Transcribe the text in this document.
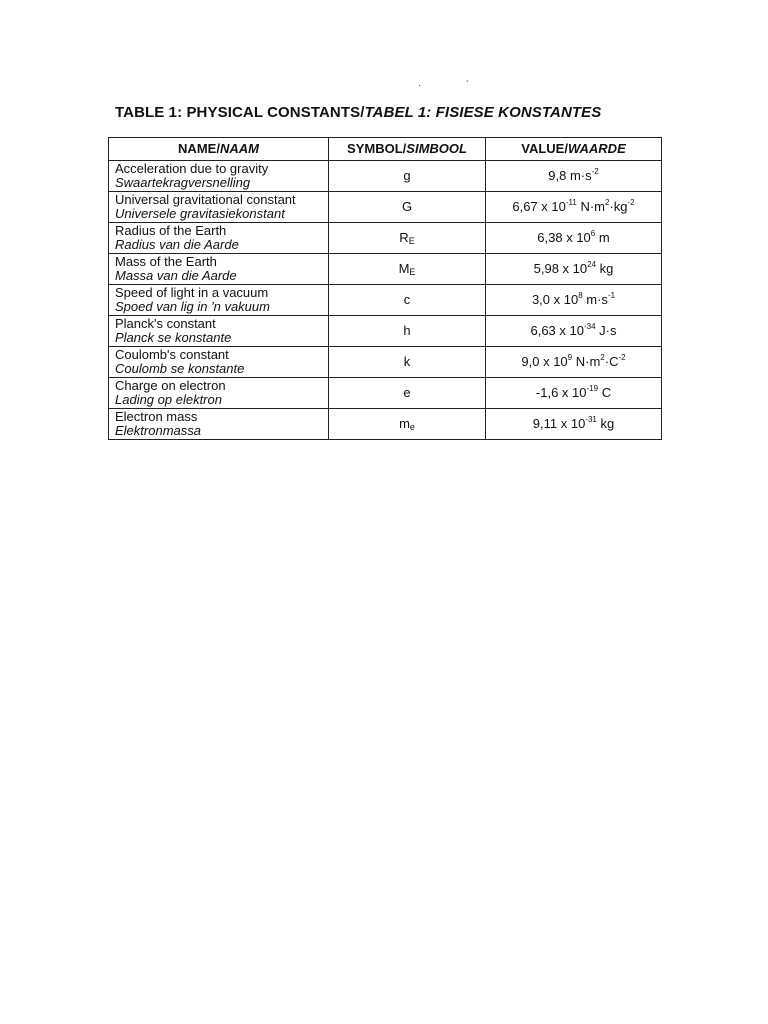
·	´
TABLE 1: PHYSICAL CONSTANTS/TABEL 1: FISIESE KONSTANTES
NAME/NAAM	SYMBOL/SIMBOOL	VALUE/WAARDE

Acceleration due to gravity
Swaartekragversnelling	g	9,8 $m\cdot s^{-2}$

Universal gravitational constant
Universele gravitasiekonstant	G	6,67 x $10^{-11}$ $N\cdot m^2\cdot kg^{-2}$

Radius of the Earth
Radius van die Aarde	$R_E$	6,38 x $10^6$ m

Mass of the Earth
Massa van die Aarde	$M_E$	5,98 x $10^{24}$ kg

Speed of light in a vacuum
Spoed van lig in 'n vakuum	c	3,0 x $10^8$ $m\cdot s^{-1}$

Planck's constant
Planck se konstante	h	6,63 x $10^{-34}$ J·s

Coulomb's constant
Coulomb se konstante	k	9,0 x $10^9$ $N\cdot m^2\cdot C^{-2}$

Charge on electron
Lading op elektron	e	-1,6 x $10^{-19}$ C

Electron mass
Elektronmassa	$m_e$	9,11 x $10^{-31}$ kg
